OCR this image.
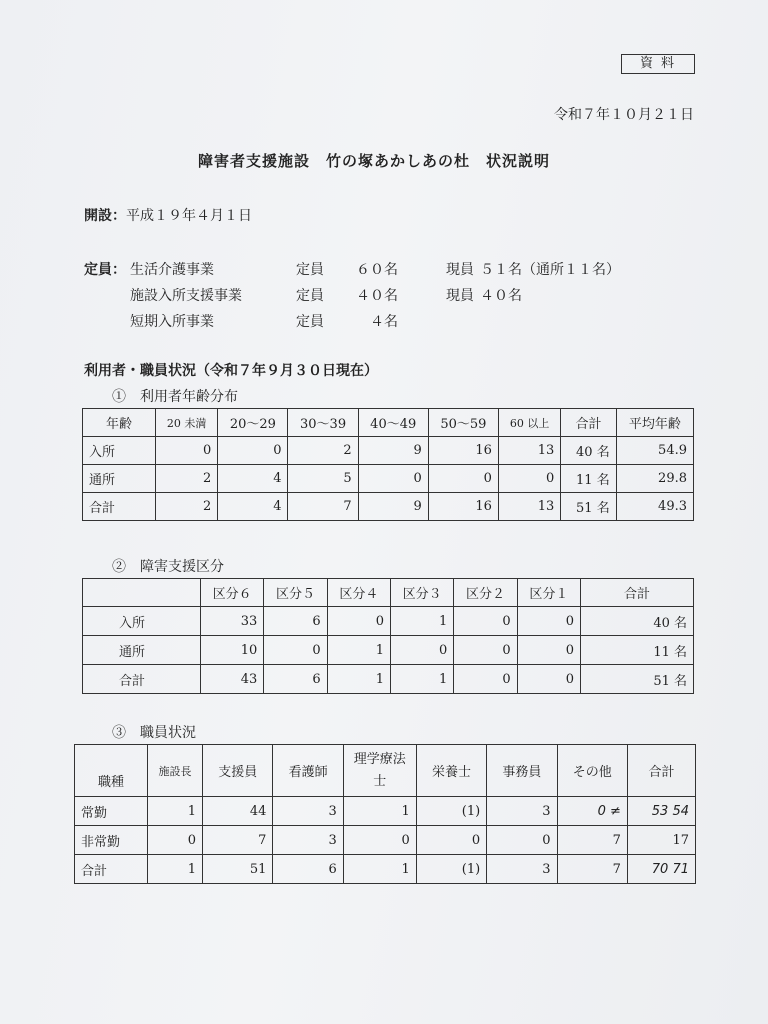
資料
令和７年１０月２１日
障害者支援施設　竹の塚あかしあの杜　状況説明
開設：平成１９年４月１日
定員： 生活介護事業	定員 ６０名	現員 ５１名（通所１１名）
施設入所支援事業	定員 ４０名	現員 ４０名
短期入所事業	定員	４名
利用者・職員状況（令和７年９月３０日現在）
①　利用者年齢分布
年齢	20 未満	20～29	30～39	40～49	50～59	60 以上	合計	平均年齢
入所	0	0	2	9	16	13	40 名	54.9
通所	2	4	5	0	0	0	11 名	29.8
合計	2	4	7	9	16	13	51 名	49.3
②　障害支援区分
	区分６	区分５	区分４	区分３	区分２	区分１	合計
入所	33	6	0	1	0	0	40 名
通所	10	0	1	0	0	0	11 名
合計	43	6	1	1	0	0	51 名
③　職員状況
職種	施設長	支援員	看護師	理学療法士	栄養士	事務員	その他	合計
常勤	1	44	3	1	(1)	3	0 ≠	53 54
非常勤	0	7	3	0	0	0	7	17
合計	1	51	6	1	(1)	3	7	70 71
